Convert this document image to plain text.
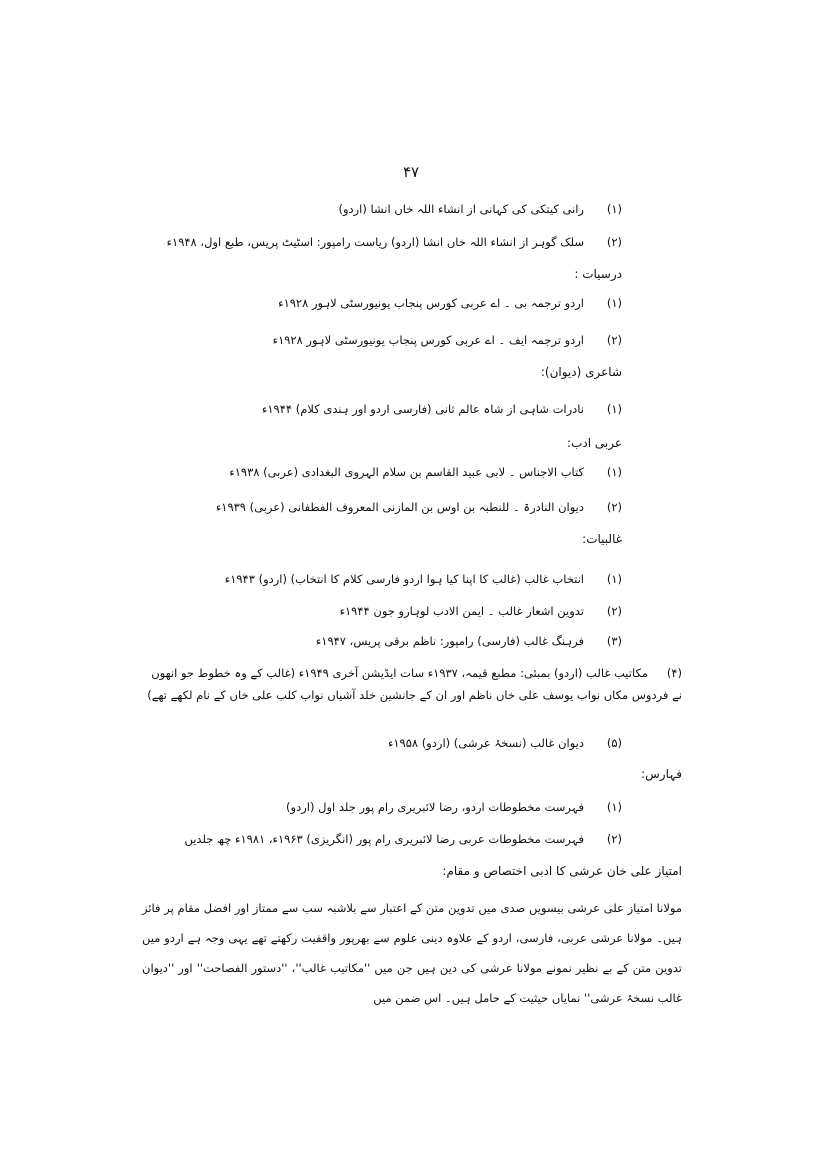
۴۷
(۱)رانی کیتکی کی کہانی از انشاء اللہ خاں انشا (اردو)
(۲)سلک گوہر از انشاء اللہ خاں انشا (اردو) ریاست رامپور: اسٹیٹ پریس، طبع اول، ۱۹۴۸ء
درسیات :
(۱)اردو ترجمہ بی ۔ اے عربی کورس پنجاب یونیورسٹی لاہور ۱۹۲۸ء
(۲)اردو ترجمہ ایف ۔ اے عربی کورس پنجاب یونیورسٹی لاہور ۱۹۲۸ء
شاعری (دیوان):
(۱)نادرات شاہی از شاہ عالم ثانی (فارسی اردو اور ہندی کلام) ۱۹۴۴ء
عربی ادب:
(۱)کتاب الاجناس ۔ لابی عبید القاسم بن سلام الہروی البغدادی (عربی) ۱۹۳۸ء
(۲)دیوان النادرۃ ۔ للنطبہ بن اوس بن المازنی المعروف الفطفانی (عربی) ۱۹۳۹ء
غالبیات:
(۱)انتخاب غالب (غالب کا اپنا کیا ہوا اردو فارسی کلام کا انتخاب) (اردو) ۱۹۴۳ء
(۲)تدوین اشعار غالب ۔ ایمن الادب لوہارو جون ۱۹۴۴ء
(۳)فرہنگ غالب (فارسی) رامپور: ناظم برقی پریس، ۱۹۴۷ء
(۴)مکاتیب غالب (اردو) بمبئی: مطبع قیمہ، ۱۹۳۷ء سات ایڈیشن آخری ۱۹۴۹ء (غالب کے وہ خطوط جو انھوں نے فردوس مکاں نواب یوسف علی خاں ناظم اور ان کے جانشین خلد آشیاں نواب کلب علی خاں کے نام لکھے تھے)
(۵)دیوان غالب (نسخۂ عرشی) (اردو) ۱۹۵۸ء
فہارس:
(۱)فہرست مخطوطات اردو، رضا لائبریری رام پور جلد اول (اردو)
(۲)فہرست مخطوطات عربی رضا لائبریری رام پور (انگریزی) ۱۹۶۳ء، ۱۹۸۱ء چھ جلدیں
امتیاز علی خان عرشی کا ادبی اختصاص و مقام:
مولانا امتیاز علی عرشی بیسویں صدی میں تدوین متن کے اعتبار سے بلاشبہ سب سے ممتاز اور افضل مقام پر فائز ہیں۔ مولانا عرشی عربی، فارسی، اردو کے علاوہ دینی علوم سے بھرپور واقفیت رکھتے تھے یہی وجہ ہے اردو میں تدوین متن کے بے نظیر نمونے مولانا عرشی کی دین ہیں جن میں ''مکاتیب غالب''، ''دستور الفصاحت'' اور ''دیوان غالب نسخۂ عرشی'' نمایاں حیثیت کے حامل ہیں۔ اس ضمن میں
